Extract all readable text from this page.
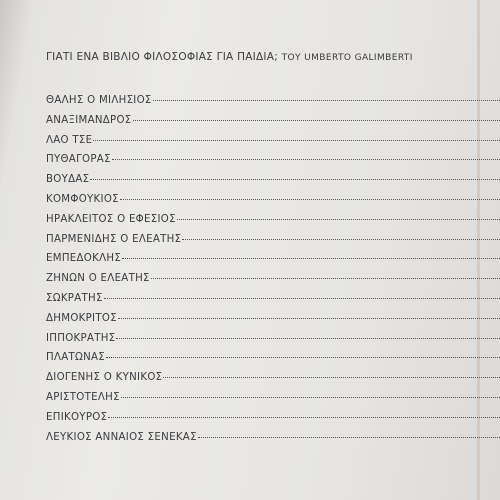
ΓΙΑΤΙ ΕΝΑ ΒΙΒΛΙΟ ΦΙΛΟΣΟΦΙΑΣ ΓΙΑ ΠΑΙΔΙΑ; ΤΟΥ UMBERTO GALIMBERTI
ΘΑΛΗΣ Ο ΜΙΛΗΣΙΟΣ
ΑΝΑΞΙΜΑΝΔΡΟΣ
ΛΑΟ ΤΣΕ
ΠΥΘΑΓΟΡΑΣ
ΒΟΥΔΑΣ
ΚΟΜΦΟΥΚΙΟΣ
ΗΡΑΚΛΕΙΤΟΣ Ο ΕΦΕΣΙΟΣ
ΠΑΡΜΕΝΙΔΗΣ Ο ΕΛΕΑΤΗΣ
ΕΜΠΕΔΟΚΛΗΣ
ΖΗΝΩΝ Ο ΕΛΕΑΤΗΣ
ΣΩΚΡΑΤΗΣ
ΔΗΜΟΚΡΙΤΟΣ
ΙΠΠΟΚΡΑΤΗΣ
ΠΛΑΤΩΝΑΣ
ΔΙΟΓΕΝΗΣ Ο ΚΥΝΙΚΟΣ
ΑΡΙΣΤΟΤΕΛΗΣ
ΕΠΙΚΟΥΡΟΣ
ΛΕΥΚΙΟΣ ΑΝΝΑΙΟΣ ΣΕΝΕΚΑΣ
